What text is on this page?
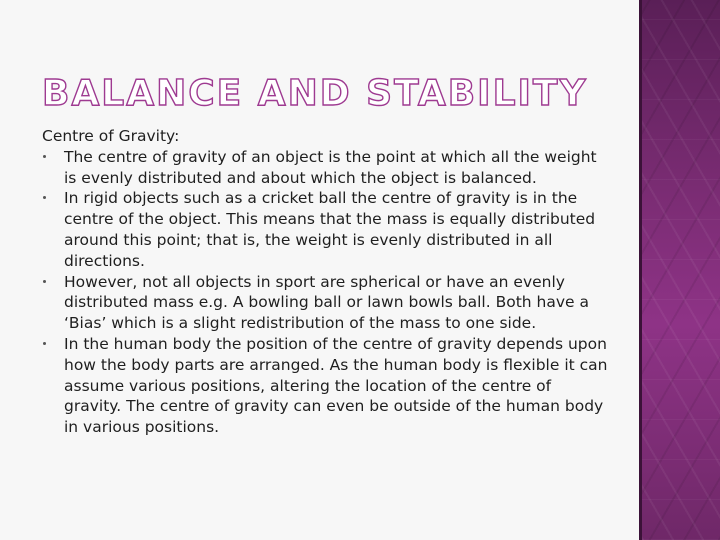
BALANCE AND STABILITY

Centre of Gravity:

The centre of gravity of an object is the point at which all the weight is evenly distributed and about which the object is balanced.
In rigid objects such as a cricket ball the centre of gravity is in the centre of the object. This means that the mass is equally distributed around this point; that is, the weight is evenly distributed in all directions.
However, not all objects in sport are spherical or have an evenly distributed mass e.g. A bowling ball or lawn bowls ball. Both have a ‘Bias’ which is a slight redistribution of the mass to one side.
In the human body the position of the centre of gravity depends upon how the body parts are arranged. As the human body is flexible it can assume various positions, altering the location of the centre of gravity. The centre of gravity can even be outside of the human body in various positions.
